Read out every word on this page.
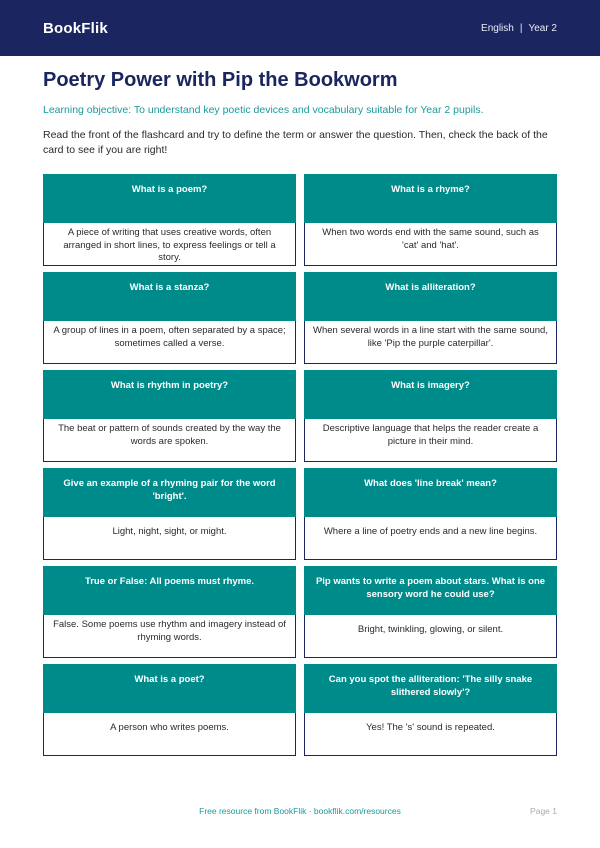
BookFlik	English | Year 2
Poetry Power with Pip the Bookworm

Learning objective: To understand key poetic devices and vocabulary suitable for Year 2 pupils.

Read the front of the flashcard and try to define the term or answer the question. Then, check the back of the card to see if you are right!

What is a poem?
A piece of writing that uses creative words, often arranged in short lines, to express feelings or tell a story.
What is a rhyme?
When two words end with the same sound, such as 'cat' and 'hat'.
What is a stanza?
A group of lines in a poem, often separated by a space; sometimes called a verse.
What is alliteration?
When several words in a line start with the same sound, like 'Pip the purple caterpillar'.
What is rhythm in poetry?
The beat or pattern of sounds created by the way the words are spoken.
What is imagery?
Descriptive language that helps the reader create a picture in their mind.
Give an example of a rhyming pair for the word 'bright'.
Light, night, sight, or might.
What does 'line break' mean?
Where a line of poetry ends and a new line begins.
True or False: All poems must rhyme.
False. Some poems use rhythm and imagery instead of rhyming words.
Pip wants to write a poem about stars. What is one sensory word he could use?
Bright, twinkling, glowing, or silent.
What is a poet?
A person who writes poems.
Can you spot the alliteration: 'The silly snake slithered slowly'?
Yes! The 's' sound is repeated.
Free resource from BookFlik · bookflik.com/resources	Page 1
